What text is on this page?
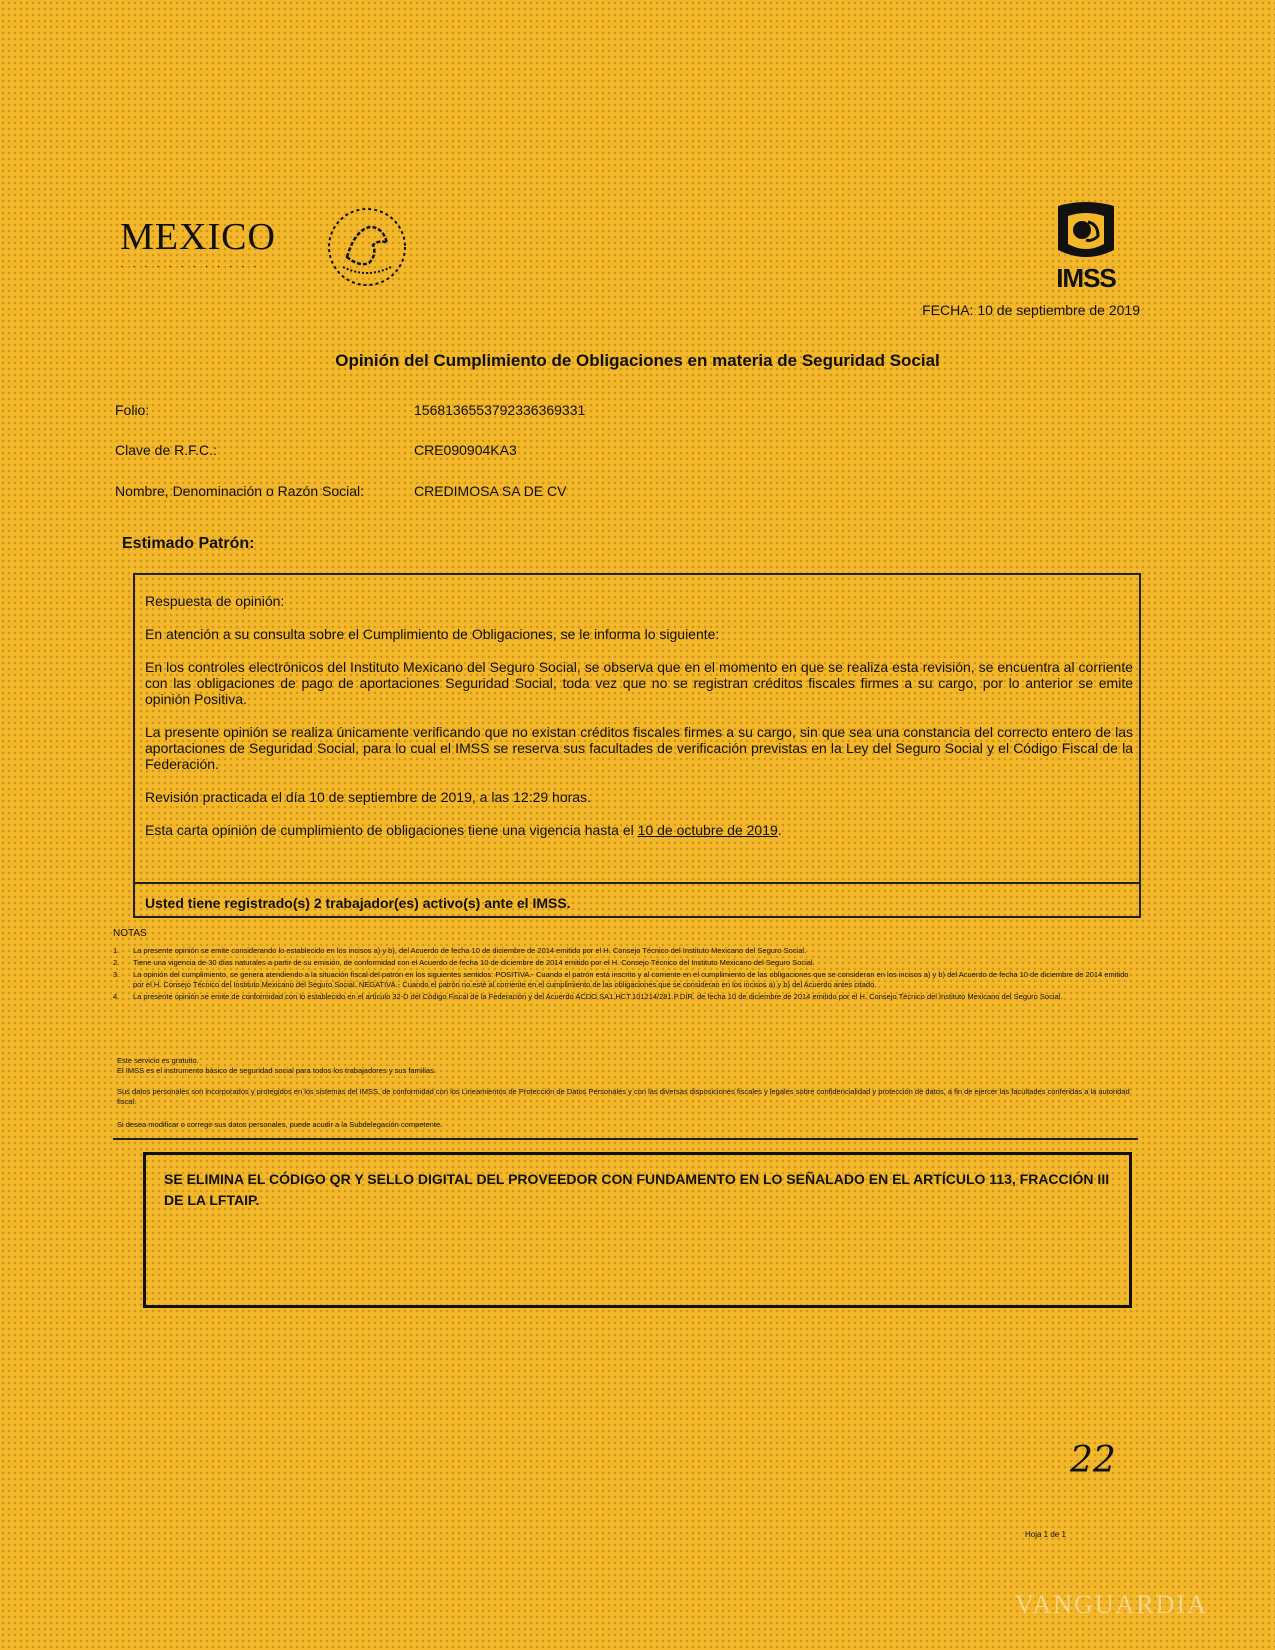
MEXICO
· · · · · · · · · · · ·	IMSS
FECHA: 10 de septiembre de 2019
Opinión del Cumplimiento de Obligaciones en materia de Seguridad Social
Folio:	1568136553792336369331
Clave de R.F.C.:	CRE090904KA3
Nombre, Denominación o Razón Social:	CREDIMOSA SA DE CV
Estimado Patrón:

Respuesta de opinión:

En atención a su consulta sobre el Cumplimiento de Obligaciones, se le informa lo siguiente:

En los controles electrónicos del Instituto Mexicano del Seguro Social, se observa que en el momento en que se realiza esta revisión, se encuentra al corriente con las obligaciones de pago de aportaciones Seguridad Social, toda vez que no se registran créditos fiscales firmes a su cargo, por lo anterior se emite opinión Positiva.

La presente opinión se realiza únicamente verificando que no existan créditos fiscales firmes a su cargo, sin que sea una constancia del correcto entero de las aportaciones de Seguridad Social, para lo cual el IMSS se reserva sus facultades de verificación previstas en la Ley del Seguro Social y el Código Fiscal de la Federación.

Revisión practicada el día 10 de septiembre de 2019, a las 12:29 horas.

Esta carta opinión de cumplimiento de obligaciones tiene una vigencia hasta el 10 de octubre de 2019.

Usted tiene registrado(s) 2 trabajador(es) activo(s) ante el IMSS.
NOTAS
1.	La presente opinión se emite considerando lo establecido en los incisos a) y b), del Acuerdo de fecha 10 de diciembre de 2014 emitido por el H. Consejo Técnico del Instituto Mexicano del Seguro Social.
2.	Tiene una vigencia de 30 días naturales a partir de su emisión, de conformidad con el Acuerdo de fecha 10 de diciembre de 2014 emitido por el H. Consejo Técnico del Instituto Mexicano del Seguro Social.
3.	La opinión del cumplimiento, se genera atendiendo a la situación fiscal del patrón en los siguientes sentidos: POSITIVA.- Cuando el patrón está inscrito y al corriente en el cumplimiento de las obligaciones que se consideran en los incisos a) y b) del Acuerdo de fecha 10 de diciembre de 2014 emitido por el H. Consejo Técnico del Instituto Mexicano del Seguro Social. NEGATIVA.- Cuando el patrón no esté al corriente en el cumplimiento de las obligaciones que se consideran en los incisos a) y b) del Acuerdo antes citado.
4.	La presente opinión se emite de conformidad con lo establecido en el artículo 32-D del Código Fiscal de la Federación y del Acuerdo ACDO.SA1.HCT.101214/281.P.DIR. de fecha 10 de diciembre de 2014 emitido por el H. Consejo Técnico del Instituto Mexicano del Seguro Social.
Este servicio es gratuito.
El IMSS es el instrumento básico de seguridad social para todos los trabajadores y sus familias.
Sus datos personales son incorporados y protegidos en los sistemas del IMSS, de conformidad con los Lineamientos de Protección de Datos Personales y con las diversas disposiciones fiscales y legales sobre confidencialidad y protección de datos, a fin de ejercer las facultades conferidas a la autoridad fiscal.
Si desea modificar o corregir sus datos personales, puede acudir a la Subdelegación competente.
SE ELIMINA EL CÓDIGO QR Y SELLO DIGITAL DEL PROVEEDOR CON FUNDAMENTO EN LO SEÑALADO EN EL ARTÍCULO 113, FRACCIÓN III DE LA LFTAIP.
22
Hoja 1 de 1
VANGUARDIA
